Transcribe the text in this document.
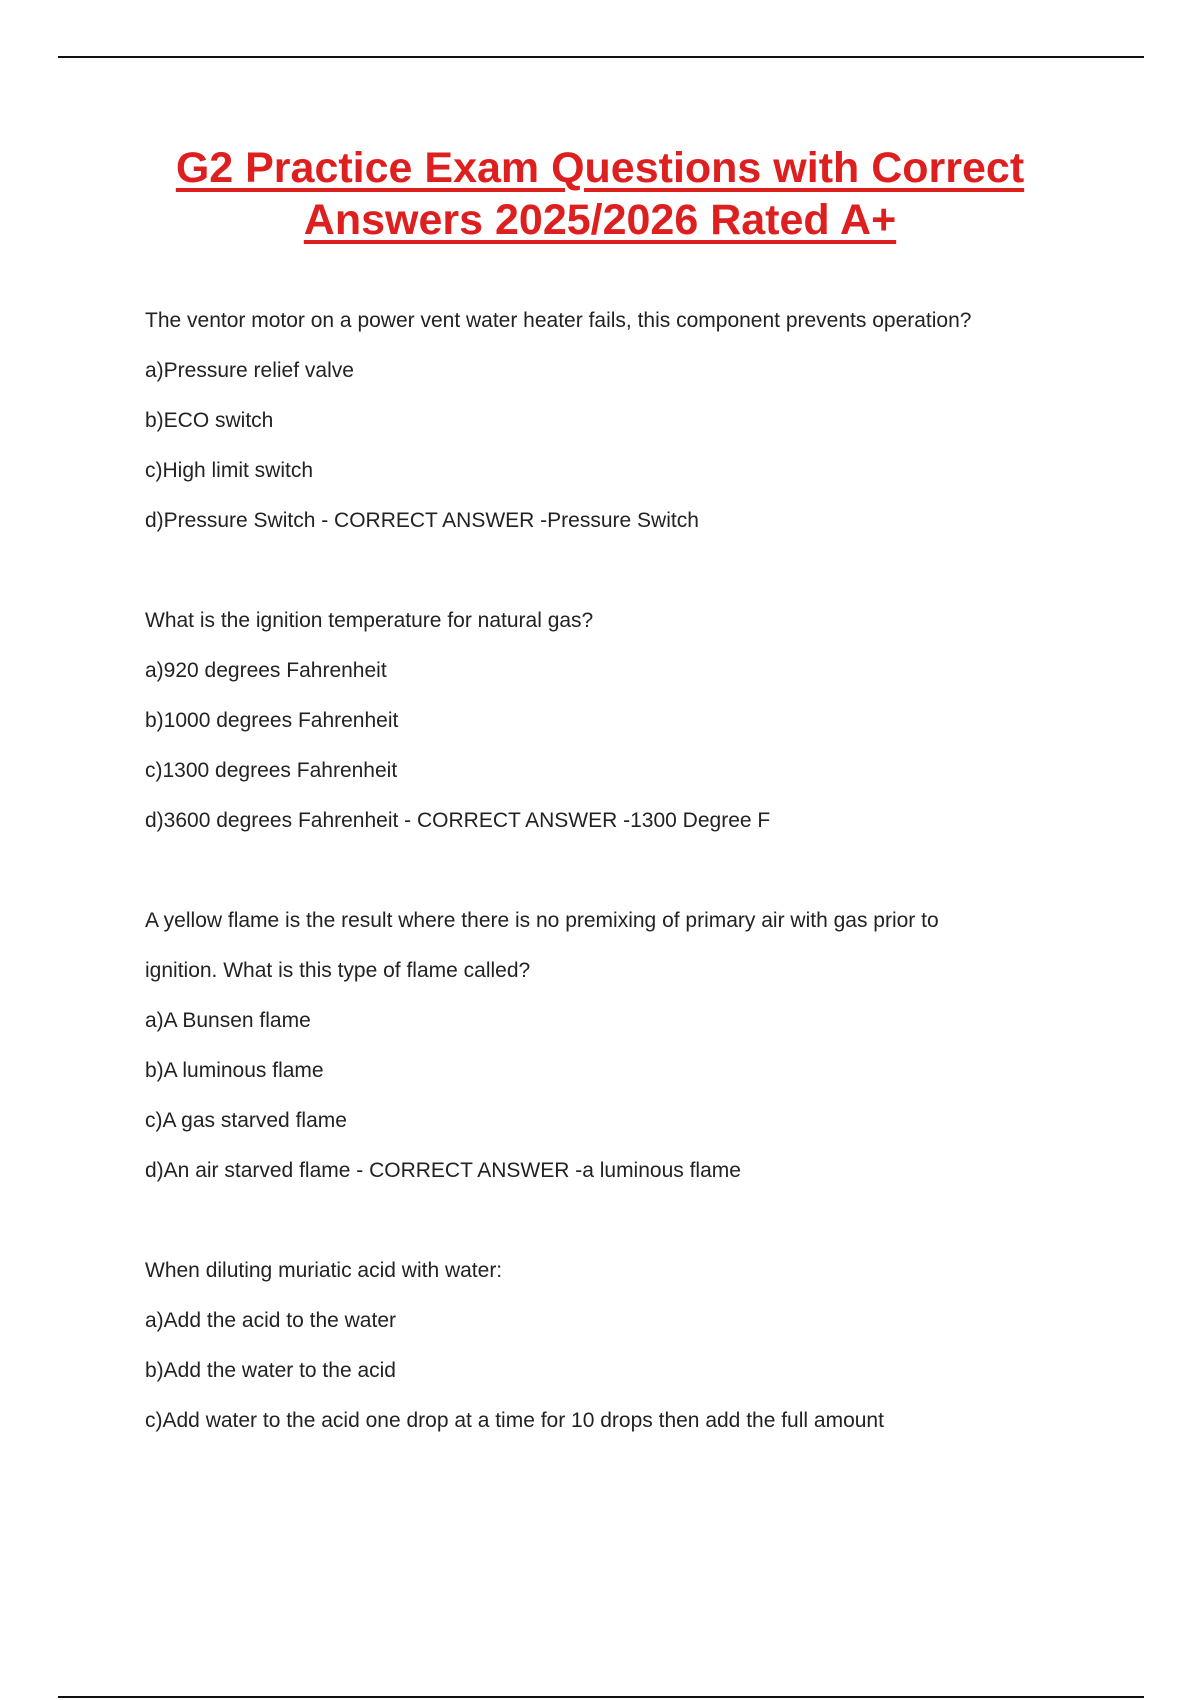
G2 Practice Exam Questions with Correct Answers 2025/2026 Rated A+

The ventor motor on a power vent water heater fails, this component prevents operation?

a)Pressure relief valve

b)ECO switch

c)High limit switch

d)Pressure Switch - CORRECT ANSWER -Pressure Switch

What is the ignition temperature for natural gas?

a)920 degrees Fahrenheit

b)1000 degrees Fahrenheit

c)1300 degrees Fahrenheit

d)3600 degrees Fahrenheit - CORRECT ANSWER -1300 Degree F

A yellow flame is the result where there is no premixing of primary air with gas prior to

ignition. What is this type of flame called?

a)A Bunsen flame

b)A luminous flame

c)A gas starved flame

d)An air starved flame - CORRECT ANSWER -a luminous flame

When diluting muriatic acid with water:

a)Add the acid to the water

b)Add the water to the acid

c)Add water to the acid one drop at a time for 10 drops then add the full amount
